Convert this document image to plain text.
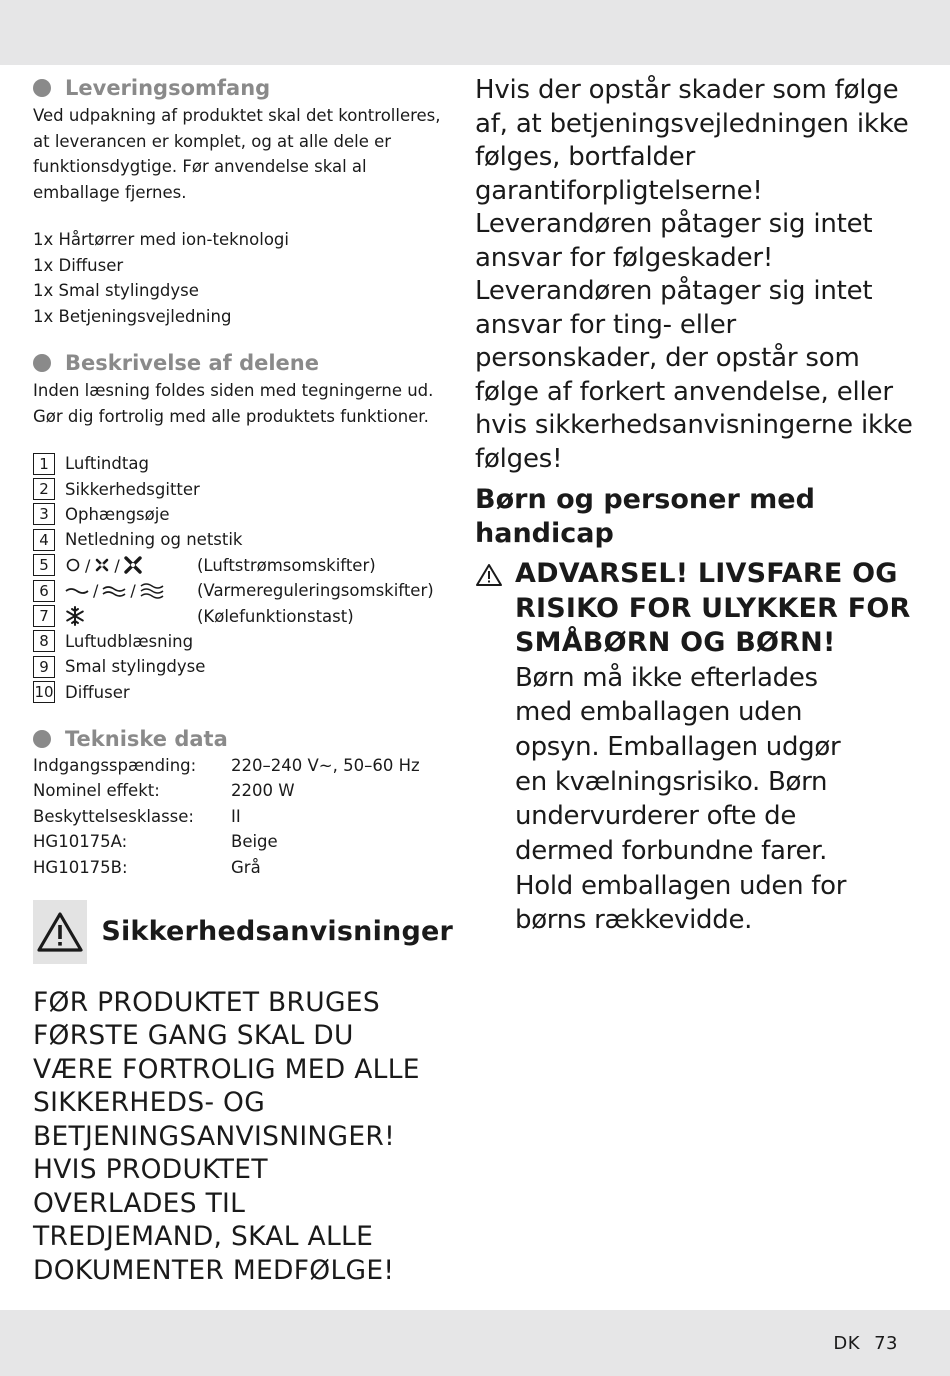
Leveringsomfang

Ved udpakning af produktet skal det kontrolleres, at leverancen er komplet, og at alle dele er funktionsdygtige. Før anvendelse skal al emballage fjernes.

1x Hårtørrer med ion-teknologi
1x Diffuser
1x Smal stylingdyse
1x Betjeningsvejledning
Beskrivelse af delene

Inden læsning foldes siden med tegningerne ud. Gør dig fortrolig med alle produktets funktioner.

1 Luftindtag
2 Sikkerhedsgitter
3 Ophængsøje
4 Netledning og netstik
5	/ /	(Luftstrømsomskifter)
6	/ /	(Varmereguleringsomskifter)
7	(Kølefunktionstast)
8 Luftudblæsning
9 Smal stylingdyse
10 Diffuser
Tekniske data
Indgangsspænding:	220–240 V∼, 50–60 Hz
Nominel effekt:	2200 W
Beskyttelsesklasse:	II
HG10175A:	Beige
HG10175B:	Grå
Sikkerhedsanvisninger

FØR PRODUKTET BRUGES FØRSTE GANG SKAL DU VÆRE FORTROLIG MED ALLE SIKKERHEDS- OG BETJENINGSANVISNINGER! HVIS PRODUKTET OVERLADES TIL TREDJEMAND, SKAL ALLE DOKUMENTER MEDFØLGE!

Hvis der opstår skader som følge af, at betjeningsvejledningen ikke følges, bortfalder garantiforpligtelserne! Leverandøren påtager sig intet ansvar for følgeskader! Leverandøren påtager sig intet ansvar for ting- eller personskader, der opstår som følge af forkert anvendelse, eller hvis sikkerhedsanvisningerne ikke følges!

Børn og personer med handicap

ADVARSEL! LIVSFARE OG RISIKO FOR ULYKKER FOR SMÅBØRN OG BØRN!

Børn må ikke efterlades med emballagen uden opsyn. Emballagen udgør en kvælningsrisiko. Børn undervurderer ofte de dermed forbundne farer. Hold emballagen uden for børns rækkevidde.

DK 73
